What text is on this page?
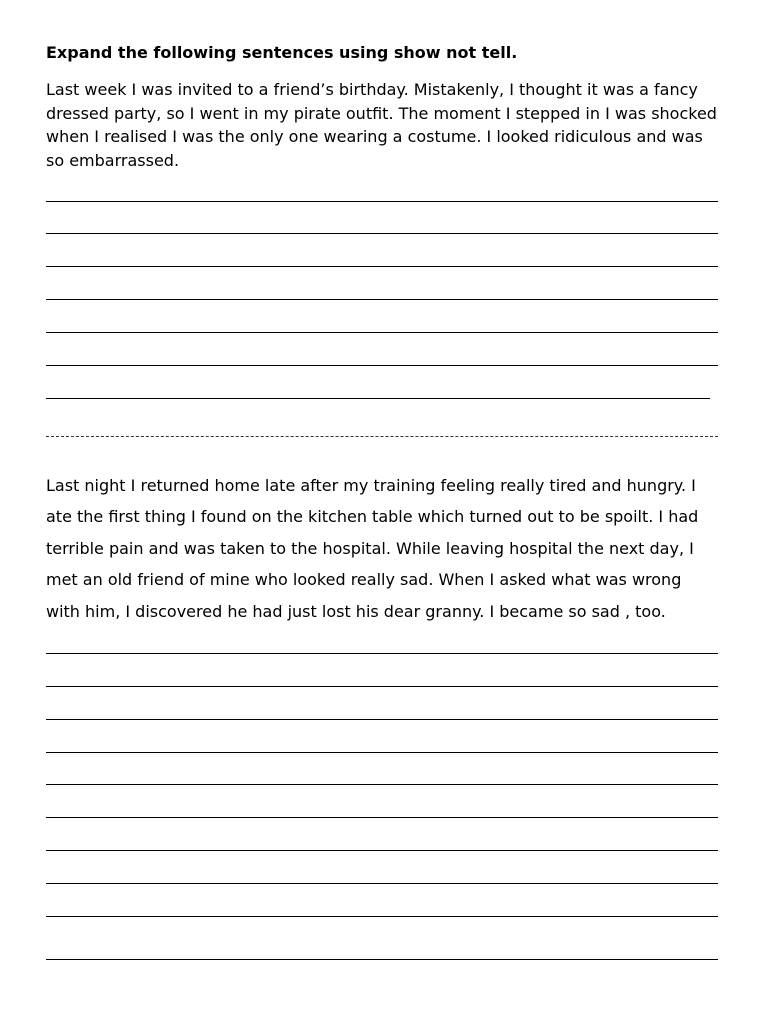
Expand the following sentences using show not tell.

Last week I was invited to a friend’s birthday. Mistakenly, I thought it was a fancy dressed party, so I went in my pirate outfit. The moment I stepped in I was shocked when I realised I was the only one wearing a costume. I looked ridiculous and was so embarrassed.

Last night I returned home late after my training feeling really tired and hungry. I ate the first thing I found on the kitchen table which turned out to be spoilt. I had terrible pain and was taken to the hospital. While leaving hospital the next day, I met an old friend of mine who looked really sad. When I asked what was wrong with him, I discovered he had just lost his dear granny. I became so sad , too.
